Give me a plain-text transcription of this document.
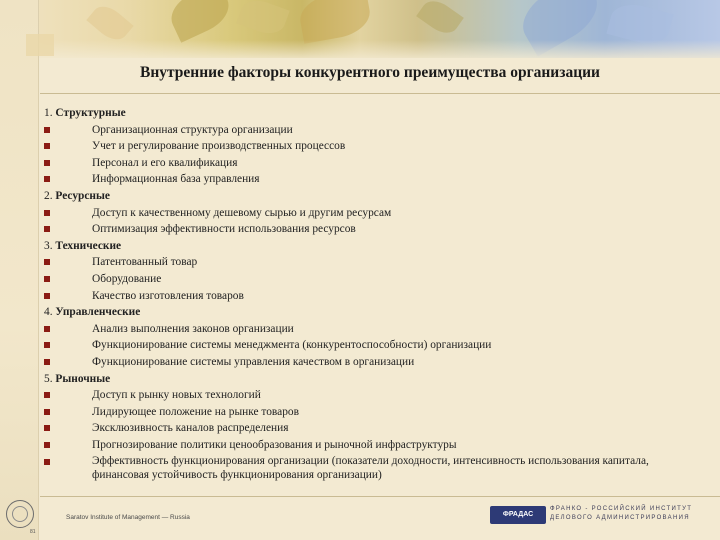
Внутренние факторы конкурентного преимущества организации
1. Структурные
Организационная структура организации
Учет и регулирование производственных процессов
Персонал и его квалификация
Информационная база управления
2. Ресурсные
Доступ к качественному дешевому сырью и другим ресурсам
Оптимизация эффективности использования ресурсов
3. Технические
Патентованный товар
Оборудование
Качество изготовления товаров
4. Управленческие
Анализ выполнения законов организации
Функционирование системы менеджмента (конкурентоспособности) организации
Функционирование системы управления качеством в организации
5. Рыночные
Доступ к рынку новых технологий
Лидирующее положение на рынке товаров
Эксклюзивность каналов распределения
Прогнозирование политики ценообразования и рыночной инфраструктуры
Эффективность функционирования организации (показатели доходности, интенсивность использования капитала, финансовая устойчивость функционирования организации)
81
Saratov Institute of Management — Russia	ФРАДАС
ФРАНКО - РОССИЙСКИЙ ИНСТИТУТ ДЕЛОВОГО АДМИНИСТРИРОВАНИЯ
